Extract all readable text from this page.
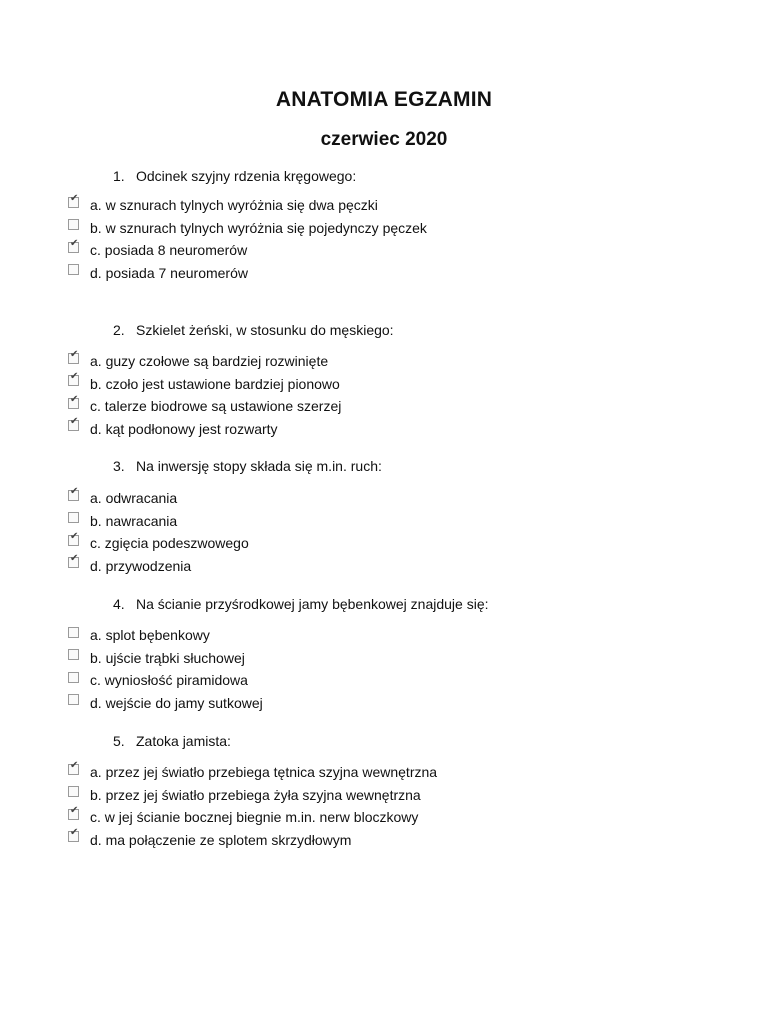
ANATOMIA EGZAMIN
czerwiec 2020
1. Odcinek szyjny rdzenia kręgowego:
✔ a. w sznurach tylnych wyróżnia się dwa pęczki
b. w sznurach tylnych wyróżnia się pojedynczy pęczek
✔ c. posiada 8 neuromerów
d. posiada 7 neuromerów
2. Szkielet żeński, w stosunku do męskiego:
✔ a. guzy czołowe są bardziej rozwinięte
✔ b. czoło jest ustawione bardziej pionowo
✔ c. talerze biodrowe są ustawione szerzej
✔ d. kąt podłonowy jest rozwarty
3. Na inwersję stopy składa się m.in. ruch:
✔ a. odwracania
b. nawracania
✔ c. zgięcia podeszwowego
✔ d. przywodzenia
4. Na ścianie przyśrodkowej jamy bębenkowej znajduje się:
a. splot bębenkowy
b. ujście trąbki słuchowej
c. wyniosłość piramidowa
d. wejście do jamy sutkowej
5. Zatoka jamista:
✔ a. przez jej światło przebiega tętnica szyjna wewnętrzna
b. przez jej światło przebiega żyła szyjna wewnętrzna
✔ c. w jej ścianie bocznej biegnie m.in. nerw bloczkowy
✔ d. ma połączenie ze splotem skrzydłowym
